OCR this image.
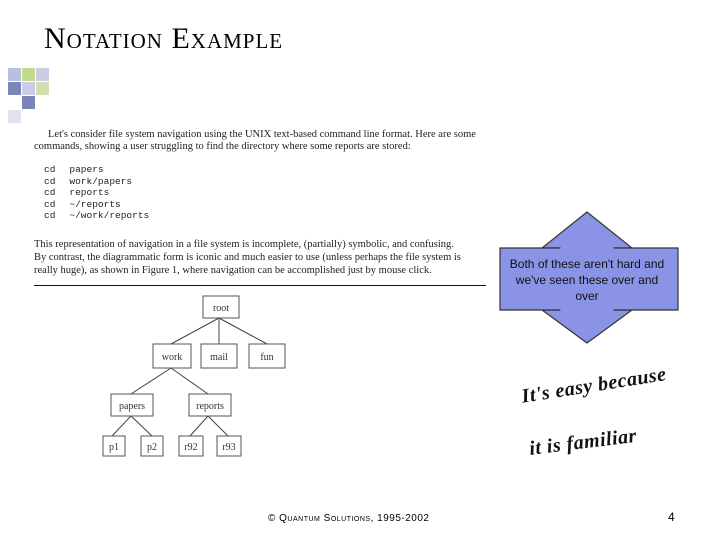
Notation Example
Let's consider file system navigation using the UNIX text-based command line format. Here are some
commands, showing a user struggling to find the directory where some reports are stored:
cd papers
cd work/papers
cd reports
cd ~/reports
cd ~/work/reports
This representation of navigation in a file system is incomplete, (partially) symbolic, and confusing.
By contrast, the diagrammatic form is iconic and much easier to use (unless perhaps the file system is
really huge), as shown in Figure 1, where navigation can be accomplished just by mouse click.
root
work	mail	fun
papers	reports
p1	p2	r92 r93
Both of these aren't hard and we've seen these over and over
It's easy because
it is familiar
© Quantum Solutions, 1995-2002	4
